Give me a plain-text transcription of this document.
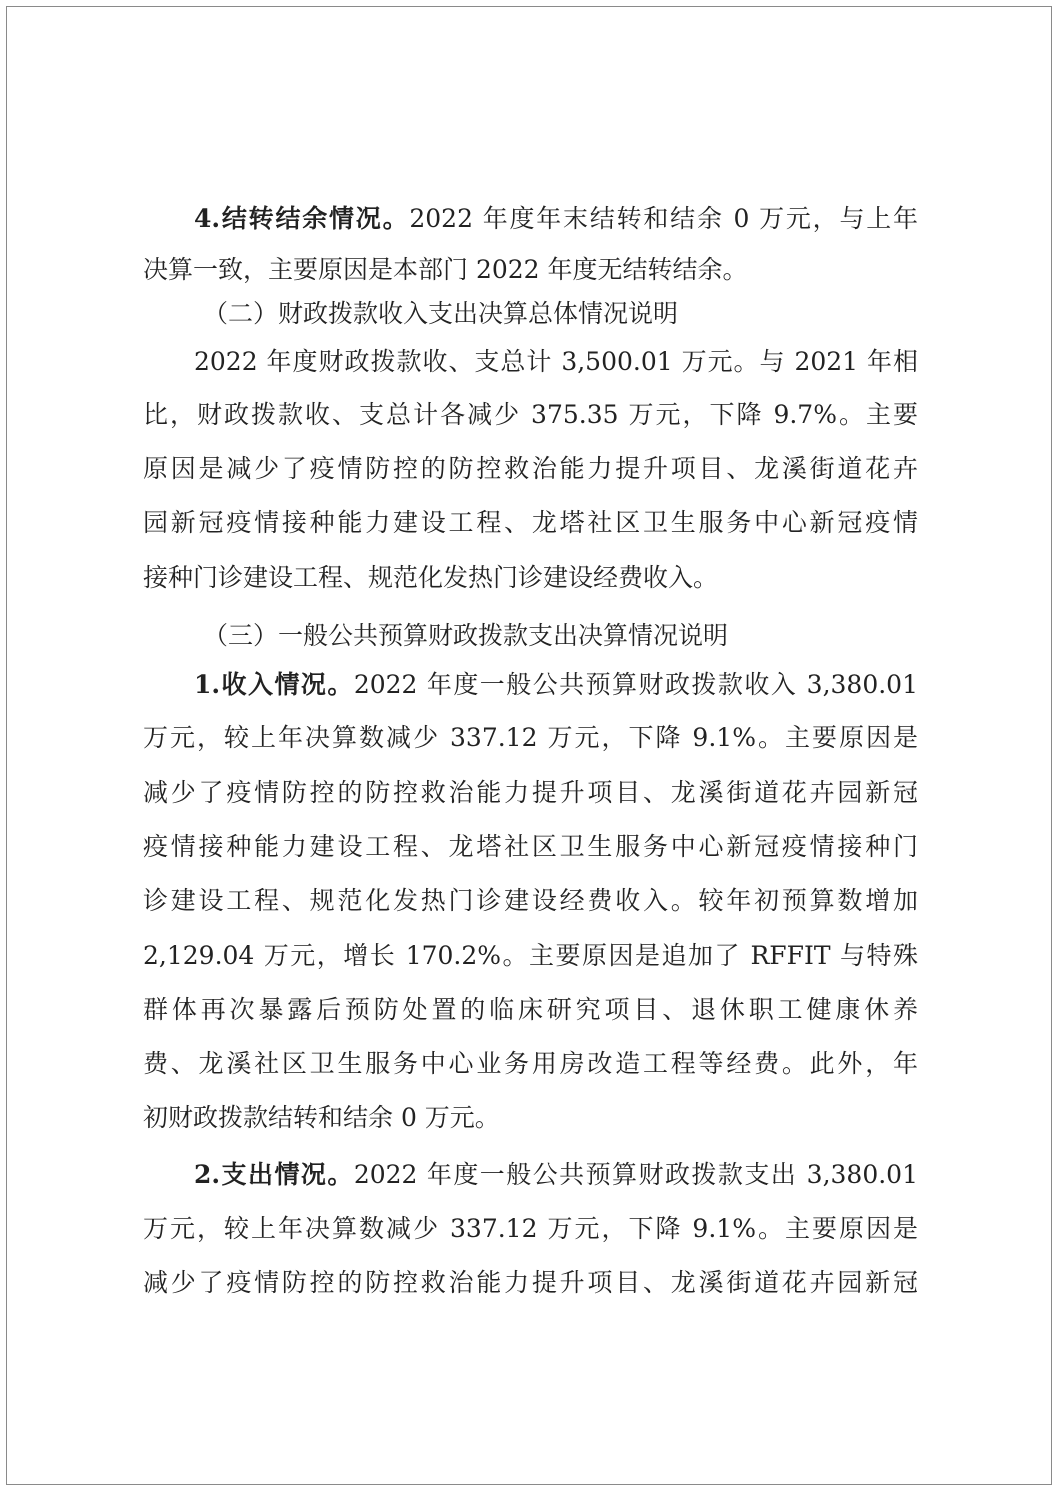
4.结转结余情况。2022 年度年末结转和结余 0 万元，与上年
决算一致，主要原因是本部门 2022 年度无结转结余。
（二）财政拨款收入支出决算总体情况说明
2022 年度财政拨款收、支总计 3,500.01 万元。与 2021 年相
比，财政拨款收、支总计各减少 375.35 万元，下降 9.7%。主要
原因是减少了疫情防控的防控救治能力提升项目、龙溪街道花卉
园新冠疫情接种能力建设工程、龙塔社区卫生服务中心新冠疫情
接种门诊建设工程、规范化发热门诊建设经费收入。
（三）一般公共预算财政拨款支出决算情况说明
1.收入情况。2022 年度一般公共预算财政拨款收入 3,380.01
万元，较上年决算数减少 337.12 万元，下降 9.1%。主要原因是
减少了疫情防控的防控救治能力提升项目、龙溪街道花卉园新冠
疫情接种能力建设工程、龙塔社区卫生服务中心新冠疫情接种门
诊建设工程、规范化发热门诊建设经费收入。较年初预算数增加
2,129.04 万元，增长 170.2%。主要原因是追加了 RFFIT 与特殊
群体再次暴露后预防处置的临床研究项目、退休职工健康休养
费、龙溪社区卫生服务中心业务用房改造工程等经费。此外，年
初财政拨款结转和结余 0 万元。
2.支出情况。2022 年度一般公共预算财政拨款支出 3,380.01
万元，较上年决算数减少 337.12 万元，下降 9.1%。主要原因是
减少了疫情防控的防控救治能力提升项目、龙溪街道花卉园新冠
